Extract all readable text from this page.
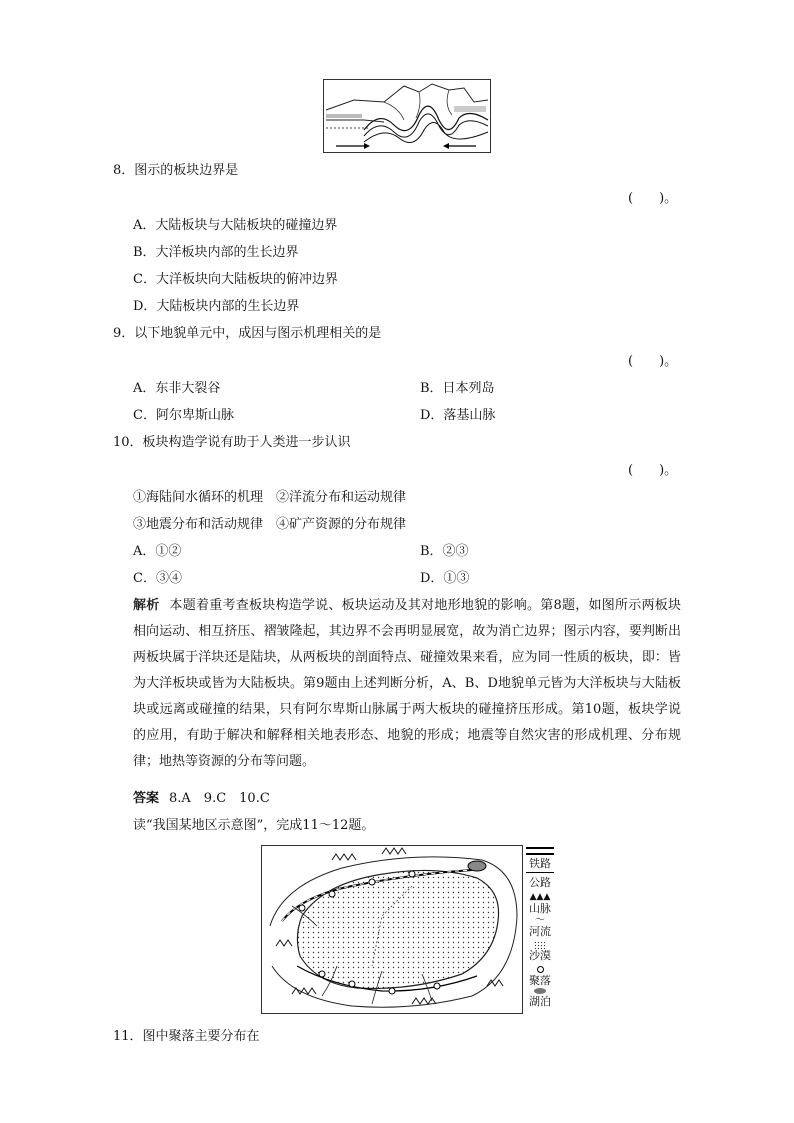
8．图示的板块边界是
(　　)。
A．大陆板块与大陆板块的碰撞边界
B．大洋板块内部的生长边界
C．大洋板块向大陆板块的俯冲边界
D．大陆板块内部的生长边界
9．以下地貌单元中，成因与图示机理相关的是
(　　)。
A．东非大裂谷	B．日本列岛
C．阿尔卑斯山脉	D．落基山脉
10．板块构造学说有助于人类进一步认识
(　　)。
①海陆间水循环的机理　②洋流分布和运动规律
③地震分布和活动规律　④矿产资源的分布规律
A．①②	B．②③
C．③④	D．①③
解析 本题着重考查板块构造学说、板块运动及其对地形地貌的影响。第8题，如图所示两板块相向运动、相互挤压、褶皱隆起，其边界不会再明显展宽，故为消亡边界；图示内容，要判断出两板块属于洋块还是陆块，从两板块的剖面特点、碰撞效果来看，应为同一性质的板块，即：皆为大洋板块或皆为大陆板块。第9题由上述判断分析，A、B、D地貌单元皆为大洋板块与大陆板块或远离或碰撞的结果，只有阿尔卑斯山脉属于两大板块的碰撞挤压形成。第10题，板块学说的应用，有助于解决和解释相关地表形态、地貌的形成；地震等自然灾害的形成机理、分布规律；地热等资源的分布等问题。
答案 8.A　9.C　10.C
读“我国某地区示意图”，完成11～12题。
铁路
公路
▲▲▲
山脉
〜
河流
沙漠
聚落
湖泊
11．图中聚落主要分布在
